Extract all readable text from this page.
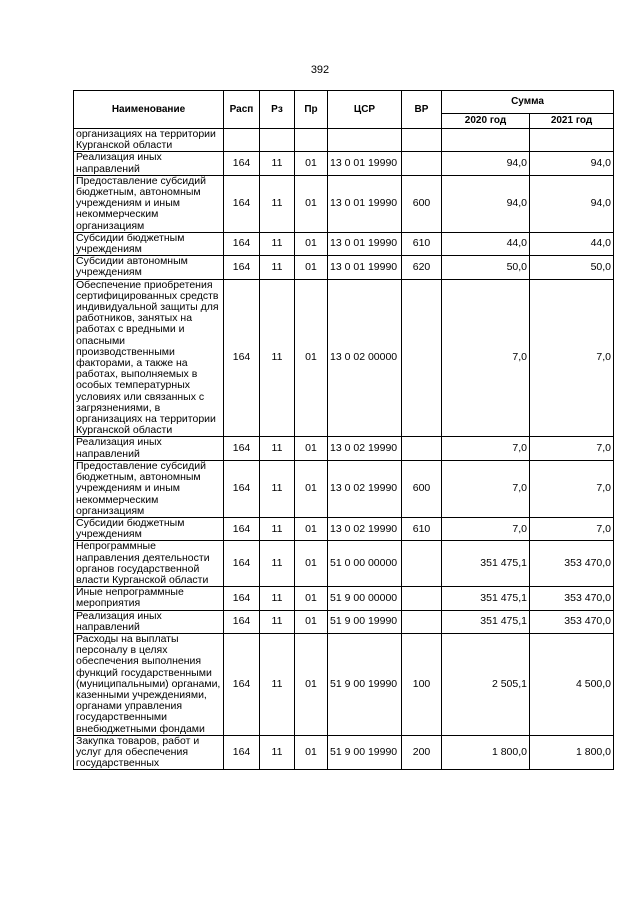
392
Наименование	Расп	Рз	Пр	ЦСР	ВР	Сумма	
						2020 год	2021 год
организациях на территории Курганской области							
Реализация иных направлений	164	11	01	13 0 01 19990		94,0	94,0
Предоставление субсидий бюджетным, автономным учреждениям и иным некоммерческим организациям	164	11	01	13 0 01 19990	600	94,0	94,0
Субсидии бюджетным учреждениям	164	11	01	13 0 01 19990	610	44,0	44,0
Субсидии автономным учреждениям	164	11	01	13 0 01 19990	620	50,0	50,0
Обеспечение приобретения сертифицированных средств индивидуальной защиты для работников, занятых на работах с вредными и опасными производственными факторами, а также на работах, выполняемых в особых температурных условиях или связанных с загрязнениями, в организациях на территории Курганской области	164	11	01	13 0 02 00000		7,0	7,0
Реализация иных направлений	164	11	01	13 0 02 19990		7,0	7,0
Предоставление субсидий бюджетным, автономным учреждениям и иным некоммерческим организациям	164	11	01	13 0 02 19990	600	7,0	7,0
Субсидии бюджетным учреждениям	164	11	01	13 0 02 19990	610	7,0	7,0
Непрограммные направления деятельности органов государственной власти Курганской области	164	11	01	51 0 00 00000		351 475,1	353 470,0
Иные непрограммные мероприятия	164	11	01	51 9 00 00000		351 475,1	353 470,0
Реализация иных направлений	164	11	01	51 9 00 19990		351 475,1	353 470,0
Расходы на выплаты персоналу в целях обеспечения выполнения функций государственными (муниципальными) органами, казенными учреждениями, органами управления государственными внебюджетными фондами	164	11	01	51 9 00 19990	100	2 505,1	4 500,0
Закупка товаров, работ и услуг для обеспечения государственных	164	11	01	51 9 00 19990	200	1 800,0	1 800,0
